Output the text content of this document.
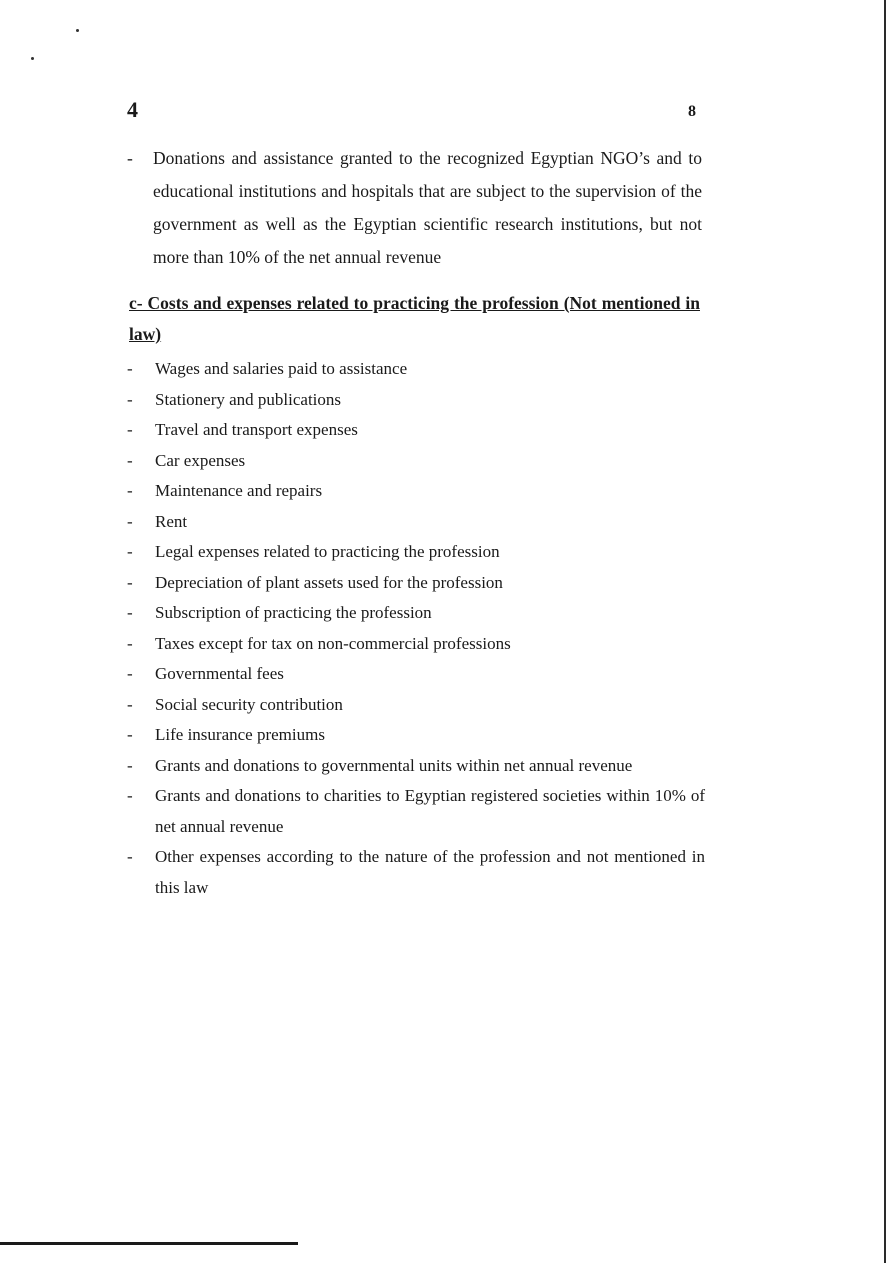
4	8
-	Donations and assistance granted to the recognized Egyptian NGO’s and to educational institutions and hospitals that are subject to the supervision of the government as well as the Egyptian scientific research institutions, but not more than 10% of the net annual revenue
c- Costs and expenses related to practicing the profession (Not mentioned in law)
-	Wages and salaries paid to assistance
-	Stationery and publications
-	Travel and transport expenses
-	Car expenses
-	Maintenance and repairs
-	Rent
-	Legal expenses related to practicing the profession
-	Depreciation of plant assets used for the profession
-	Subscription of practicing the profession
-	Taxes except for tax on non-commercial professions
-	Governmental fees
-	Social security contribution
-	Life insurance premiums
-	Grants and donations to governmental units within net annual revenue
-	Grants and donations to charities to Egyptian registered societies within 10% of net annual revenue
-	Other expenses according to the nature of the profession and not mentioned in this law
